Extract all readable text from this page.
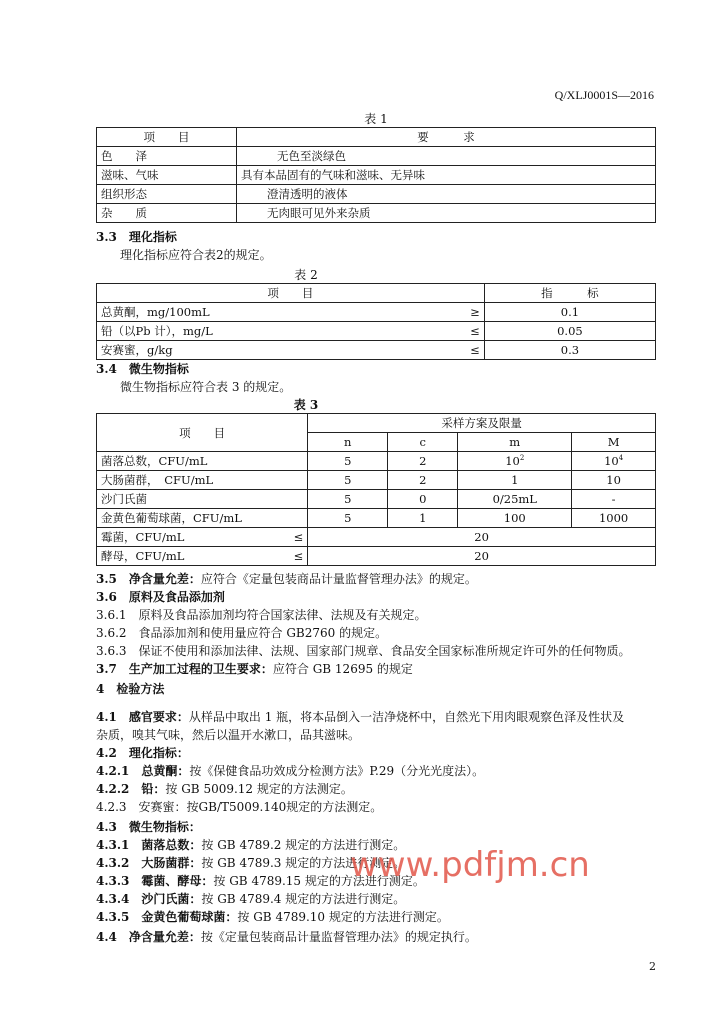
Q/XLJ0001S—2016
表 1
项　　目	要　　　求
色　　泽	无色至淡绿色
滋味、气味	具有本品固有的气味和滋味、无异味
组织形态	澄清透明的液体
杂　　质	无肉眼可见外来杂质
3.3　理化指标
理化指标应符合表2的规定。
表 2
项　　目		指　　　标
总黄酮，mg/100mL	≥	0.1
铅（以Pb 计），mg/L	≤	0.05
安赛蜜，g/kg	≤	0.3
3.4　微生物指标
微生物指标应符合表 3 的规定。
表 3
项　　目		采样方案及限量			
		n	c	m	M
菌落总数，CFU/mL		5	2	$10^2$	$10^4$
大肠菌群，　CFU/mL		5	2	1	10
沙门氏菌		5	0	0/25mL	-
金黄色葡萄球菌，CFU/mL		5	1	100	1000
霉菌，CFU/mL	≤	20			
酵母，CFU/mL	≤	20			
3.5　净含量允差：应符合《定量包装商品计量监督管理办法》的规定。
3.6　原料及食品添加剂
3.6.1　原料及食品添加剂均符合国家法律、法规及有关规定。
3.6.2　食品添加剂和使用量应符合 GB2760 的规定。
3.6.3　保证不使用和添加法律、法规、国家部门规章、食品安全国家标准所规定许可外的任何物质。
3.7　生产加工过程的卫生要求：应符合 GB 12695 的规定
4　检验方法
4.1　感官要求：从样品中取出 1 瓶，将本品倒入一洁净烧杯中，自然光下用肉眼观察色泽及性状及
杂质，嗅其气味，然后以温开水漱口，品其滋味。
4.2　理化指标：
4.2.1　总黄酮：按《保健食品功效成分检测方法》P.29（分光光度法）。
4.2.2　铅：按 GB 5009.12 规定的方法测定。
4.2.3　安赛蜜：按GB/T5009.140规定的方法测定。
4.3　微生物指标：
4.3.1　菌落总数：按 GB 4789.2 规定的方法进行测定。
4.3.2　大肠菌群：按 GB 4789.3 规定的方法进行测定。
4.3.3　霉菌、酵母：按 GB 4789.15 规定的方法进行测定。
4.3.4　沙门氏菌：按 GB 4789.4 规定的方法进行测定。
4.3.5　金黄色葡萄球菌：按 GB 4789.10 规定的方法进行测定。
4.4　净含量允差：按《定量包装商品计量监督管理办法》的规定执行。
www.pdfjm.cn
2
